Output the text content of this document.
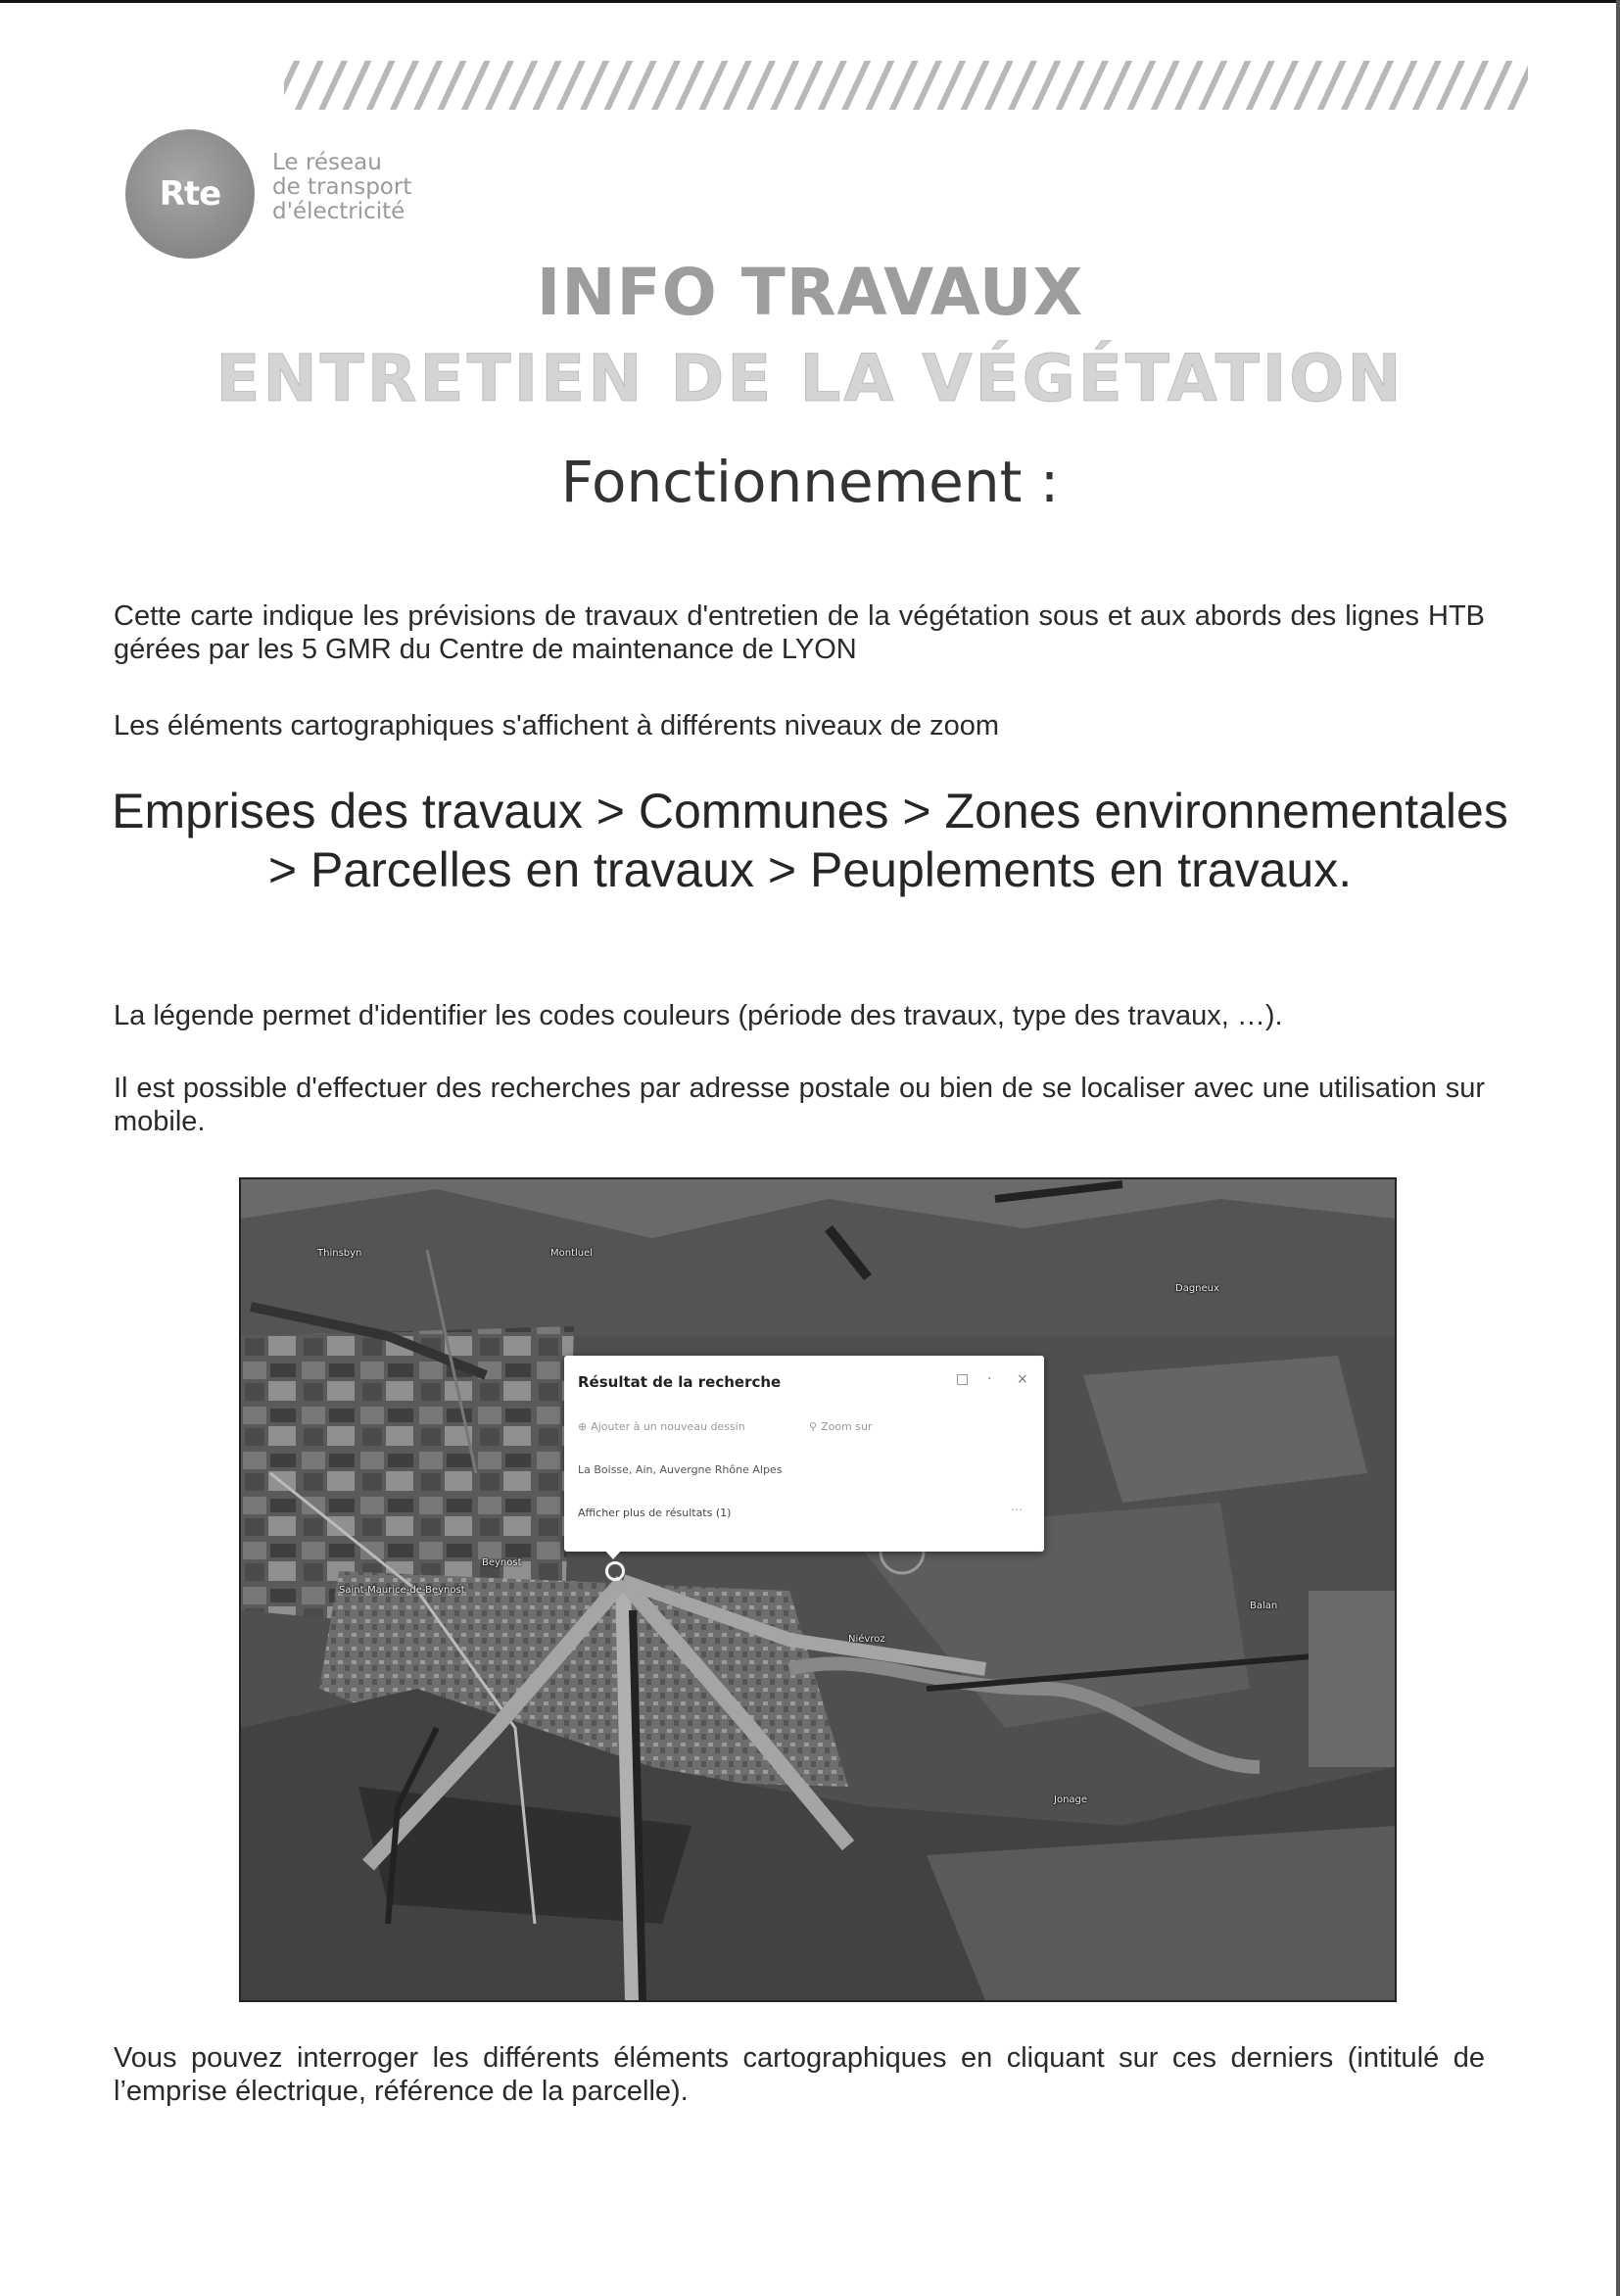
Rte
Le réseau
de transport
d'électricité
INFO TRAVAUX
ENTRETIEN DE LA VÉGÉTATION
Fonctionnement :
Cette carte indique les prévisions de travaux d'entretien de la végétation sous et aux abords des lignes HTB gérées par les 5 GMR du Centre de maintenance de LYON
Les éléments cartographiques s'affichent à différents niveaux de zoom
Emprises des travaux > Communes > Zones environnementales > Parcelles en travaux > Peuplements en travaux.
La légende permet d'identifier les codes couleurs (période des travaux, type des travaux, …).
Il est possible d'effectuer des recherches par adresse postale ou bien de se localiser avec une utilisation sur mobile.
Thinsbyn	Montluel
Beynost
Saint-Maurice-de-Beynost
Niévroz
Balan
Jonage
Dagneux
Résultat de la recherche	□ · ×
⊕ Ajouter à un nouveau dessin	⚲ Zoom sur
La Boisse, Ain, Auvergne Rhône Alpes
Afficher plus de résultats (1)	⋯
Vous pouvez interroger les différents éléments cartographiques en cliquant sur ces derniers (intitulé de l’emprise électrique, référence de la parcelle).
